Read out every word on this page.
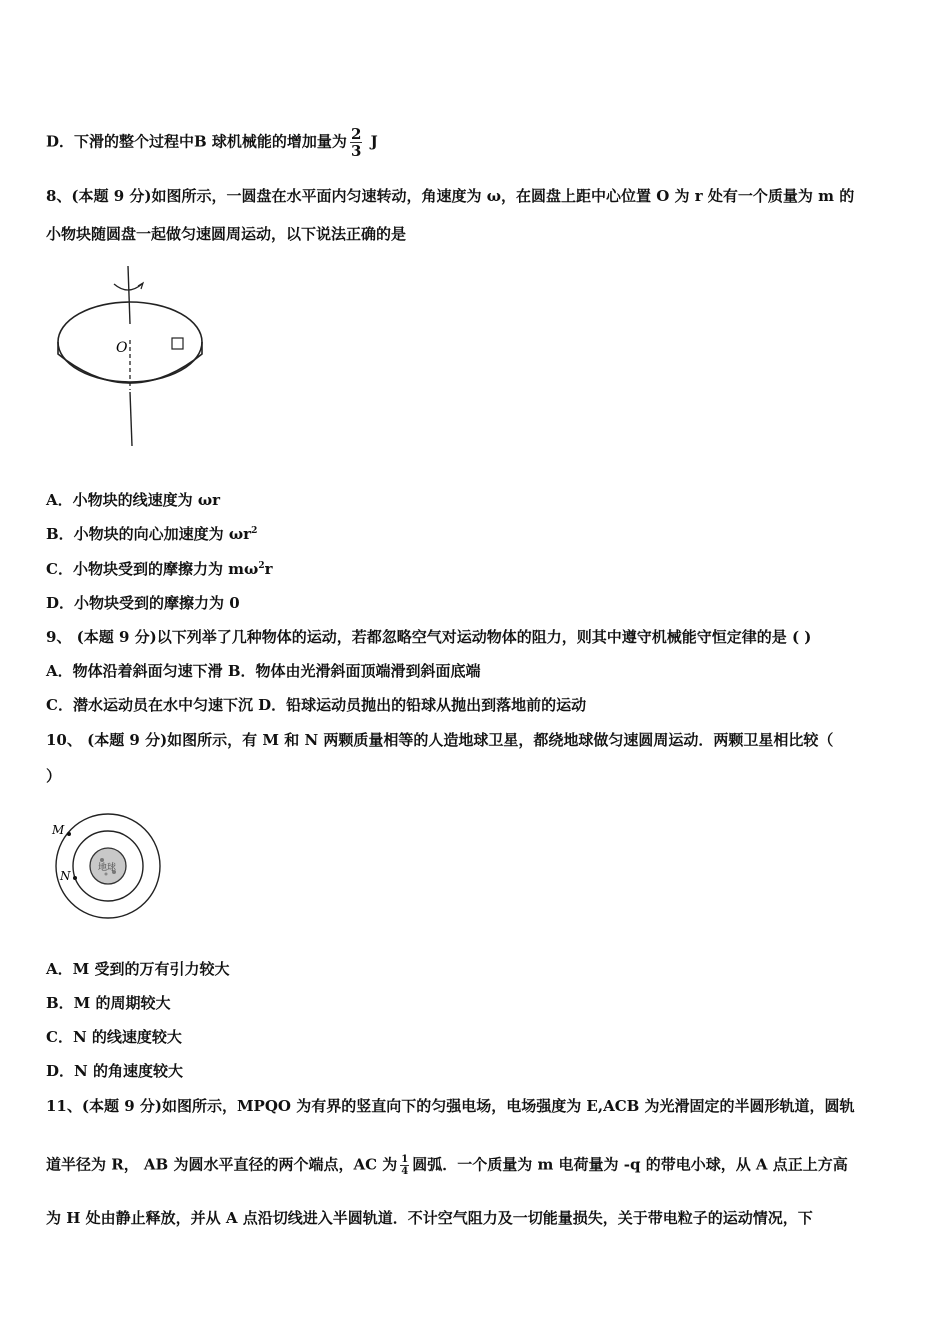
D．下滑的整个过程中B 球机械能的增加量为 $\frac{2}{3}$ J
8、(本题 9 分)如图所示，一圆盘在水平面内匀速转动，角速度为 ω，在圆盘上距中心位置 O 为 r 处有一个质量为 m 的
小物块随圆盘一起做匀速圆周运动，以下说法正确的是
O
A．小物块的线速度为 ωr
B．小物块的向心加速度为 $\omega r^2$
C．小物块受到的摩擦力为 $m\omega^2r$
D．小物块受到的摩擦力为 0
9、 (本题 9 分)以下列举了几种物体的运动，若都忽略空气对运动物体的阻力，则其中遵守机械能守恒定律的是 ( )
A．物体沿着斜面匀速下滑 B．物体由光滑斜面顶端滑到斜面底端
C．潜水运动员在水中匀速下沉 D．铅球运动员抛出的铅球从抛出到落地前的运动
10、 (本题 9 分)如图所示，有 M 和 N 两颗质量相等的人造地球卫星，都绕地球做匀速圆周运动．两颗卫星相比较（
）
地球
M
N
A．M 受到的万有引力较大
B．M 的周期较大
C．N 的线速度较大
D．N 的角速度较大
11、(本题 9 分)如图所示，MPQO 为有界的竖直向下的匀强电场，电场强度为 E,ACB 为光滑固定的半圆形轨道，圆轨
道半径为 R， AB 为圆水平直径的两个端点，AC 为 $\frac{1}{4}$ 圆弧．一个质量为 m 电荷量为 -q 的带电小球，从 A 点正上方高
为 H 处由静止释放，并从 A 点沿切线进入半圆轨道．不计空气阻力及一切能量损失，关于带电粒子的运动情况，下
